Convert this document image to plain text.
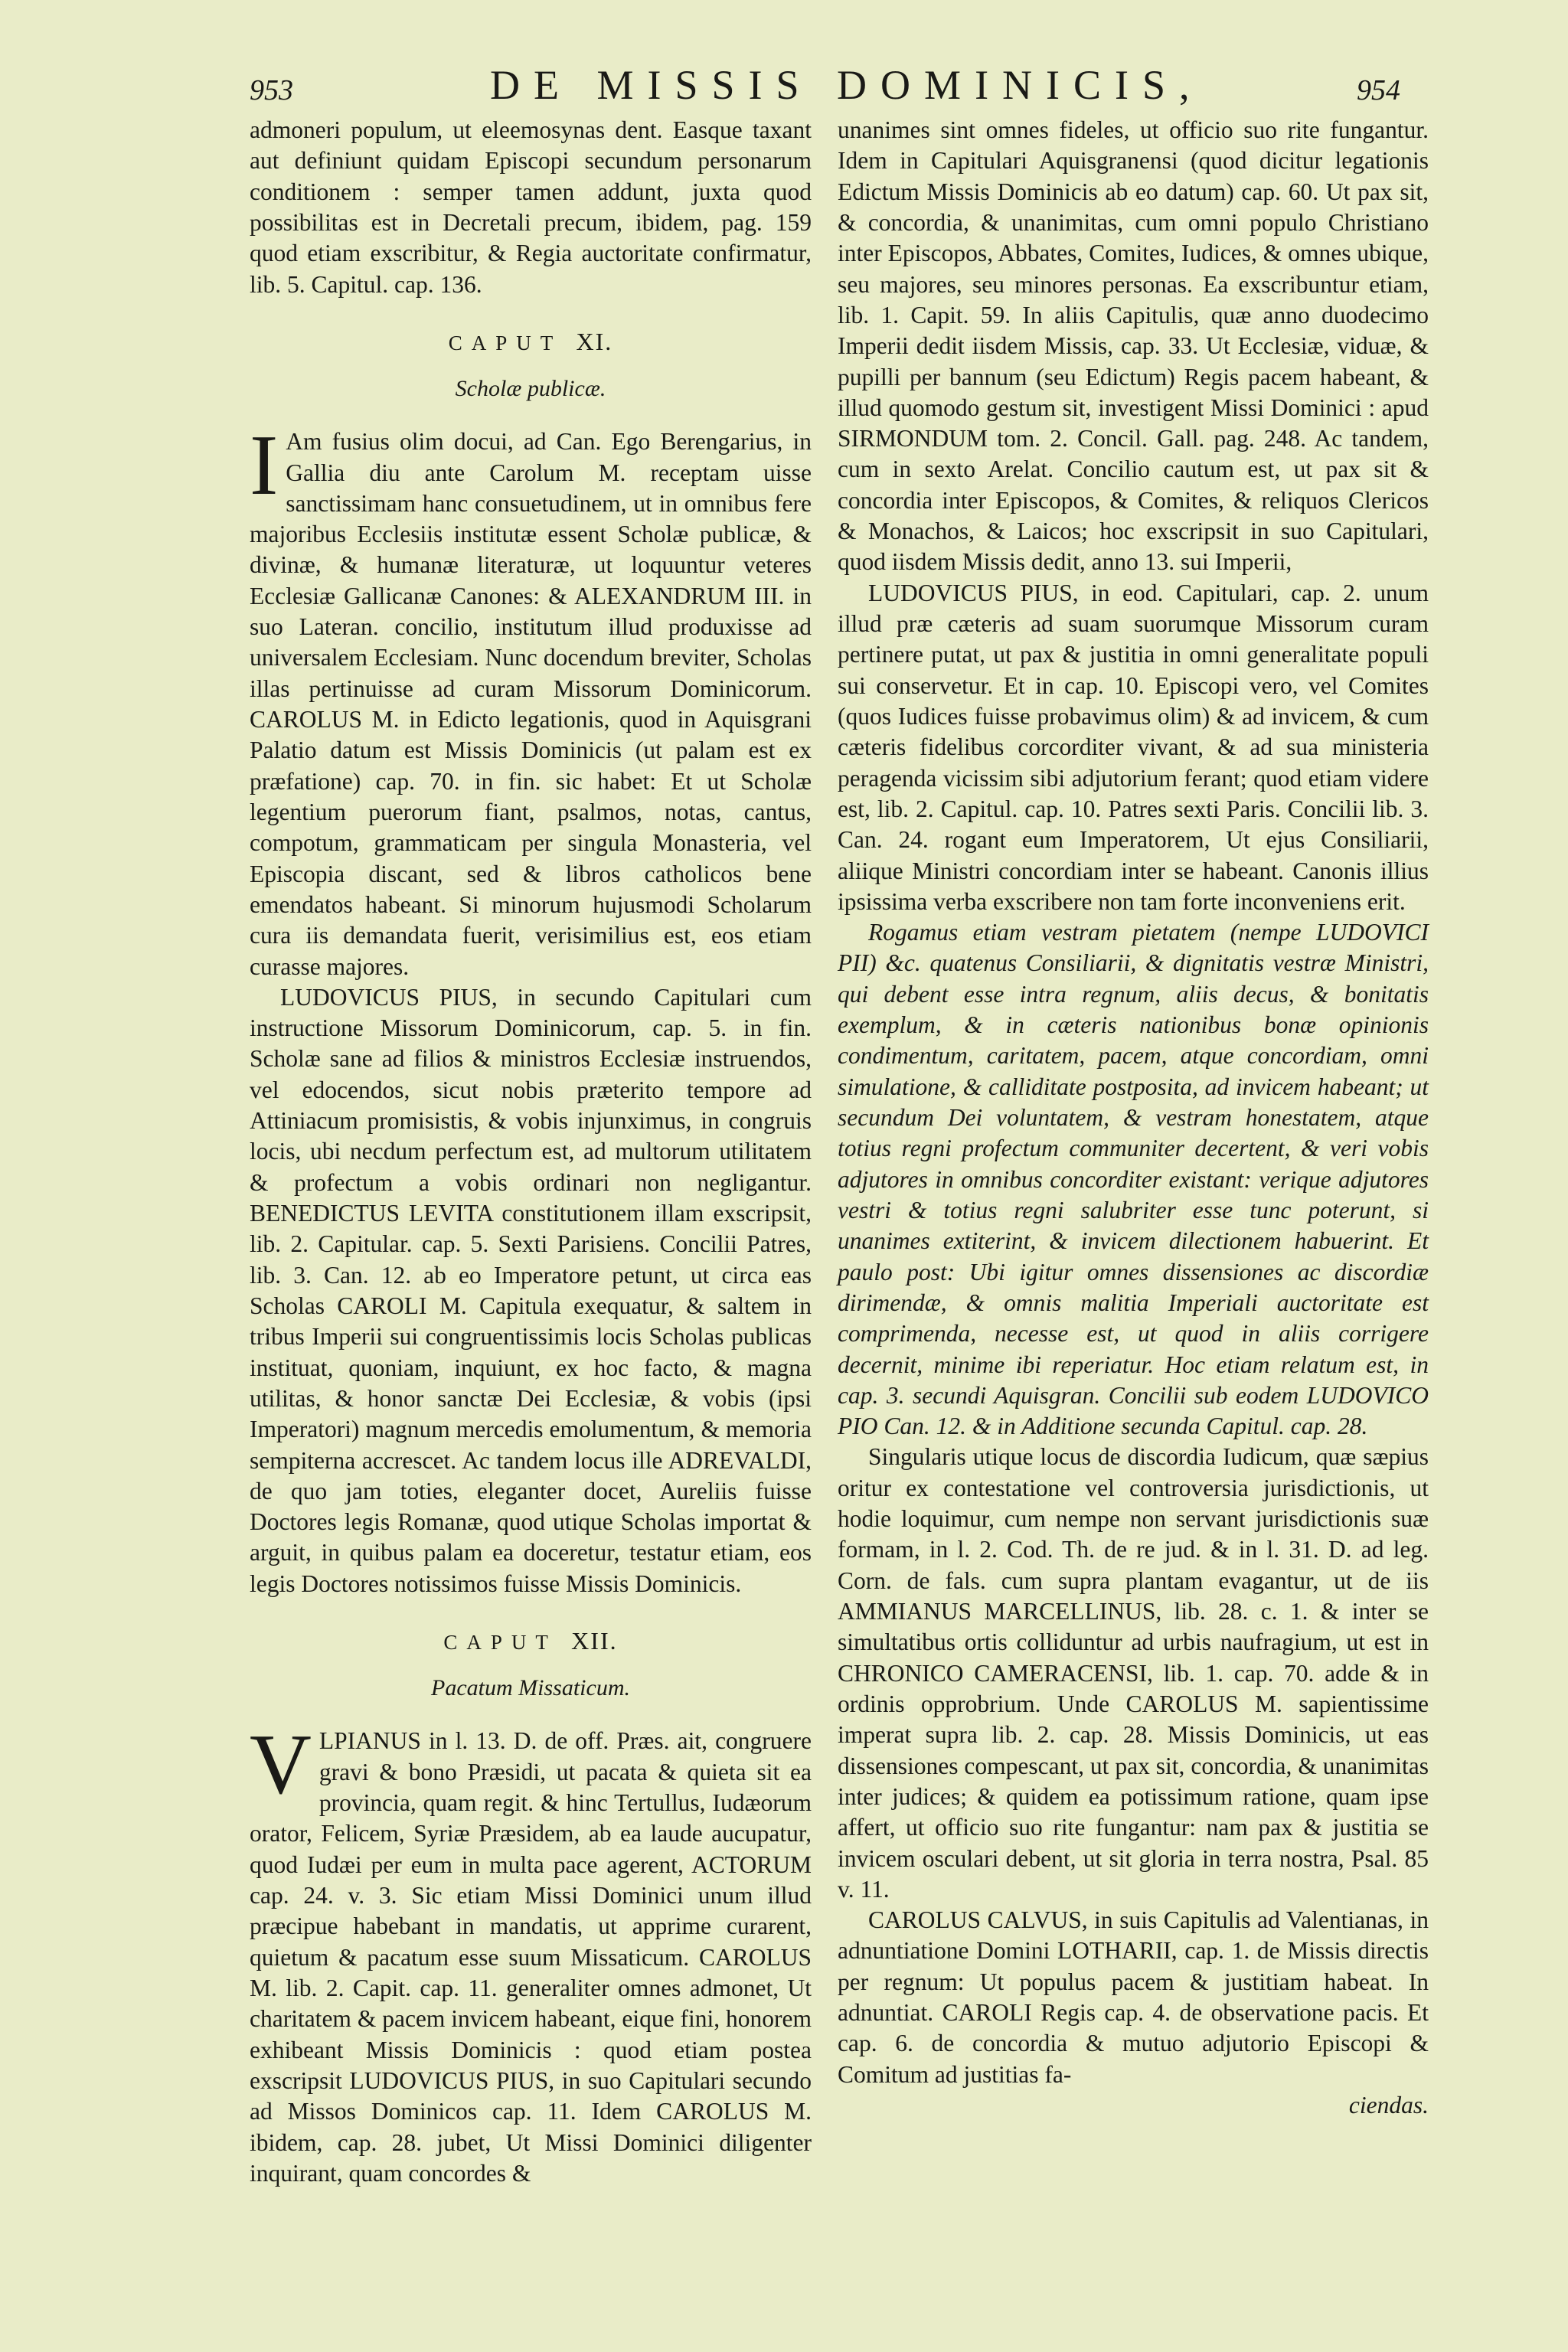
953	DE MISSIS DOMINICIS,	954

admoneri populum, ut eleemosynas dent. Easque taxant aut definiunt quidam Episcopi secundum personarum conditionem : semper tamen addunt, juxta quod possibilitas est in Decretali precum, ibidem, pag. 159 quod etiam exscribitur, & Regia auctoritate confirmatur, lib. 5. Capitul. cap. 136.

CAPUT XI.
Scholæ publicæ.

I Am fusius olim docui, ad Can. Ego Berengarius, in Gallia diu ante Carolum M. receptam uisse sanctissimam hanc consuetudinem, ut in omnibus fere majoribus Ecclesiis institutæ essent Scholæ publicæ, & divinæ, & humanæ literaturæ, ut loquuntur veteres Ecclesiæ Gallicanæ Canones: & ALEXANDRUM III. in suo Lateran. concilio, institutum illud produxisse ad universalem Ecclesiam. Nunc docendum breviter, Scholas illas pertinuisse ad curam Missorum Dominicorum. CAROLUS M. in Edicto legationis, quod in Aquisgrani Palatio datum est Missis Dominicis (ut palam est ex præfatione) cap. 70. in fin. sic habet: Et ut Scholæ legentium puerorum fiant, psalmos, notas, cantus, compotum, grammaticam per singula Monasteria, vel Episcopia discant, sed & libros catholicos bene emendatos habeant. Si minorum hujusmodi Scholarum cura iis demandata fuerit, verisimilius est, eos etiam curasse majores.

LUDOVICUS PIUS, in secundo Capitulari cum instructione Missorum Dominicorum, cap. 5. in fin. Scholæ sane ad filios & ministros Ecclesiæ instruendos, vel edocendos, sicut nobis præterito tempore ad Attiniacum promisistis, & vobis injunximus, in congruis locis, ubi necdum perfectum est, ad multorum utilitatem & profectum a vobis ordinari non negligantur. BENEDICTUS LEVITA constitutionem illam exscripsit, lib. 2. Capitular. cap. 5. Sexti Parisiens. Concilii Patres, lib. 3. Can. 12. ab eo Imperatore petunt, ut circa eas Scholas CAROLI M. Capitula exequatur, & saltem in tribus Imperii sui congruentissimis locis Scholas publicas instituat, quoniam, inquiunt, ex hoc facto, & magna utilitas, & honor sanctæ Dei Ecclesiæ, & vobis (ipsi Imperatori) magnum mercedis emolumentum, & memoria sempiterna accrescet. Ac tandem locus ille ADREVALDI, de quo jam toties, eleganter docet, Aureliis fuisse Doctores legis Romanæ, quod utique Scholas importat & arguit, in quibus palam ea doceretur, testatur etiam, eos legis Doctores notissimos fuisse Missis Dominicis.

CAPUT XII.
Pacatum Missaticum.

VLPIANUS in l. 13. D. de off. Præs. ait, congruere gravi & bono Præsidi, ut pacata & quieta sit ea provincia, quam regit. & hinc Tertullus, Iudæorum orator, Felicem, Syriæ Præsidem, ab ea laude aucupatur, quod Iudæi per eum in multa pace agerent, ACTORUM cap. 24. v. 3. Sic etiam Missi Dominici unum illud præcipue habebant in mandatis, ut apprime curarent, quietum & pacatum esse suum Missaticum. CAROLUS M. lib. 2. Capit. cap. 11. generaliter omnes admonet, Ut charitatem & pacem invicem habeant, eique fini, honorem exhibeant Missis Dominicis : quod etiam postea exscripsit LUDOVICUS PIUS, in suo Capitulari secundo ad Missos Dominicos cap. 11. Idem CAROLUS M. ibidem, cap. 28. jubet, Ut Missi Dominici diligenter inquirant, quam concordes &

unanimes sint omnes fideles, ut officio suo rite fungantur. Idem in Capitulari Aquisgranensi (quod dicitur legationis Edictum Missis Dominicis ab eo datum) cap. 60. Ut pax sit, & concordia, & unanimitas, cum omni populo Christiano inter Episcopos, Abbates, Comites, Iudices, & omnes ubique, seu majores, seu minores personas. Ea exscribuntur etiam, lib. 1. Capit. 59. In aliis Capitulis, quæ anno duodecimo Imperii dedit iisdem Missis, cap. 33. Ut Ecclesiæ, viduæ, & pupilli per bannum (seu Edictum) Regis pacem habeant, & illud quomodo gestum sit, investigent Missi Dominici : apud SIRMONDUM tom. 2. Concil. Gall. pag. 248. Ac tandem, cum in sexto Arelat. Concilio cautum est, ut pax sit & concordia inter Episcopos, & Comites, & reliquos Clericos & Monachos, & Laicos; hoc exscripsit in suo Capitulari, quod iisdem Missis dedit, anno 13. sui Imperii,

LUDOVICUS PIUS, in eod. Capitulari, cap. 2. unum illud præ cæteris ad suam suorumque Missorum curam pertinere putat, ut pax & justitia in omni generalitate populi sui conservetur. Et in cap. 10. Episcopi vero, vel Comites (quos Iudices fuisse probavimus olim) & ad invicem, & cum cæteris fidelibus corcorditer vivant, & ad sua ministeria peragenda vicissim sibi adjutorium ferant; quod etiam videre est, lib. 2. Capitul. cap. 10. Patres sexti Paris. Concilii lib. 3. Can. 24. rogant eum Imperatorem, Ut ejus Consiliarii, aliique Ministri concordiam inter se habeant. Canonis illius ipsissima verba exscribere non tam forte inconveniens erit.

Rogamus etiam vestram pietatem (nempe LUDOVICI PII) &c. quatenus Consiliarii, & dignitatis vestræ Ministri, qui debent esse intra regnum, aliis decus, & bonitatis exemplum, & in cæteris nationibus bonæ opinionis condimentum, caritatem, pacem, atque concordiam, omni simulatione, & calliditate postposita, ad invicem habeant; ut secundum Dei voluntatem, & vestram honestatem, atque totius regni profectum communiter decertent, & veri vobis adjutores in omnibus concorditer existant: verique adjutores vestri & totius regni salubriter esse tunc poterunt, si unanimes extiterint, & invicem dilectionem habuerint. Et paulo post: Ubi igitur omnes dissensiones ac discordiæ dirimendæ, & omnis malitia Imperiali auctoritate est comprimenda, necesse est, ut quod in aliis corrigere decernit, minime ibi reperiatur. Hoc etiam relatum est, in cap. 3. secundi Aquisgran. Concilii sub eodem LUDOVICO PIO Can. 12. & in Additione secunda Capitul. cap. 28.

Singularis utique locus de discordia Iudicum, quæ sæpius oritur ex contestatione vel controversia jurisdictionis, ut hodie loquimur, cum nempe non servant jurisdictionis suæ formam, in l. 2. Cod. Th. de re jud. & in l. 31. D. ad leg. Corn. de fals. cum supra plantam evagantur, ut de iis AMMIANUS MARCELLINUS, lib. 28. c. 1. & inter se simultatibus ortis colliduntur ad urbis naufragium, ut est in CHRONICO CAMERACENSI, lib. 1. cap. 70. adde & in ordinis opprobrium. Unde CAROLUS M. sapientissime imperat supra lib. 2. cap. 28. Missis Dominicis, ut eas dissensiones compescant, ut pax sit, concordia, & unanimitas inter judices; & quidem ea potissimum ratione, quam ipse affert, ut officio suo rite fungantur: nam pax & justitia se invicem osculari debent, ut sit gloria in terra nostra, Psal. 85 v. 11.

CAROLUS CALVUS, in suis Capitulis ad Valentianas, in adnuntiatione Domini LOTHARII, cap. 1. de Missis directis per regnum: Ut populus pacem & justitiam habeat. In adnuntiat. CAROLI Regis cap. 4. de observatione pacis. Et cap. 6. de concordia & mutuo adjutorio Episcopi & Comitum ad justitias fa-

ciendas.
